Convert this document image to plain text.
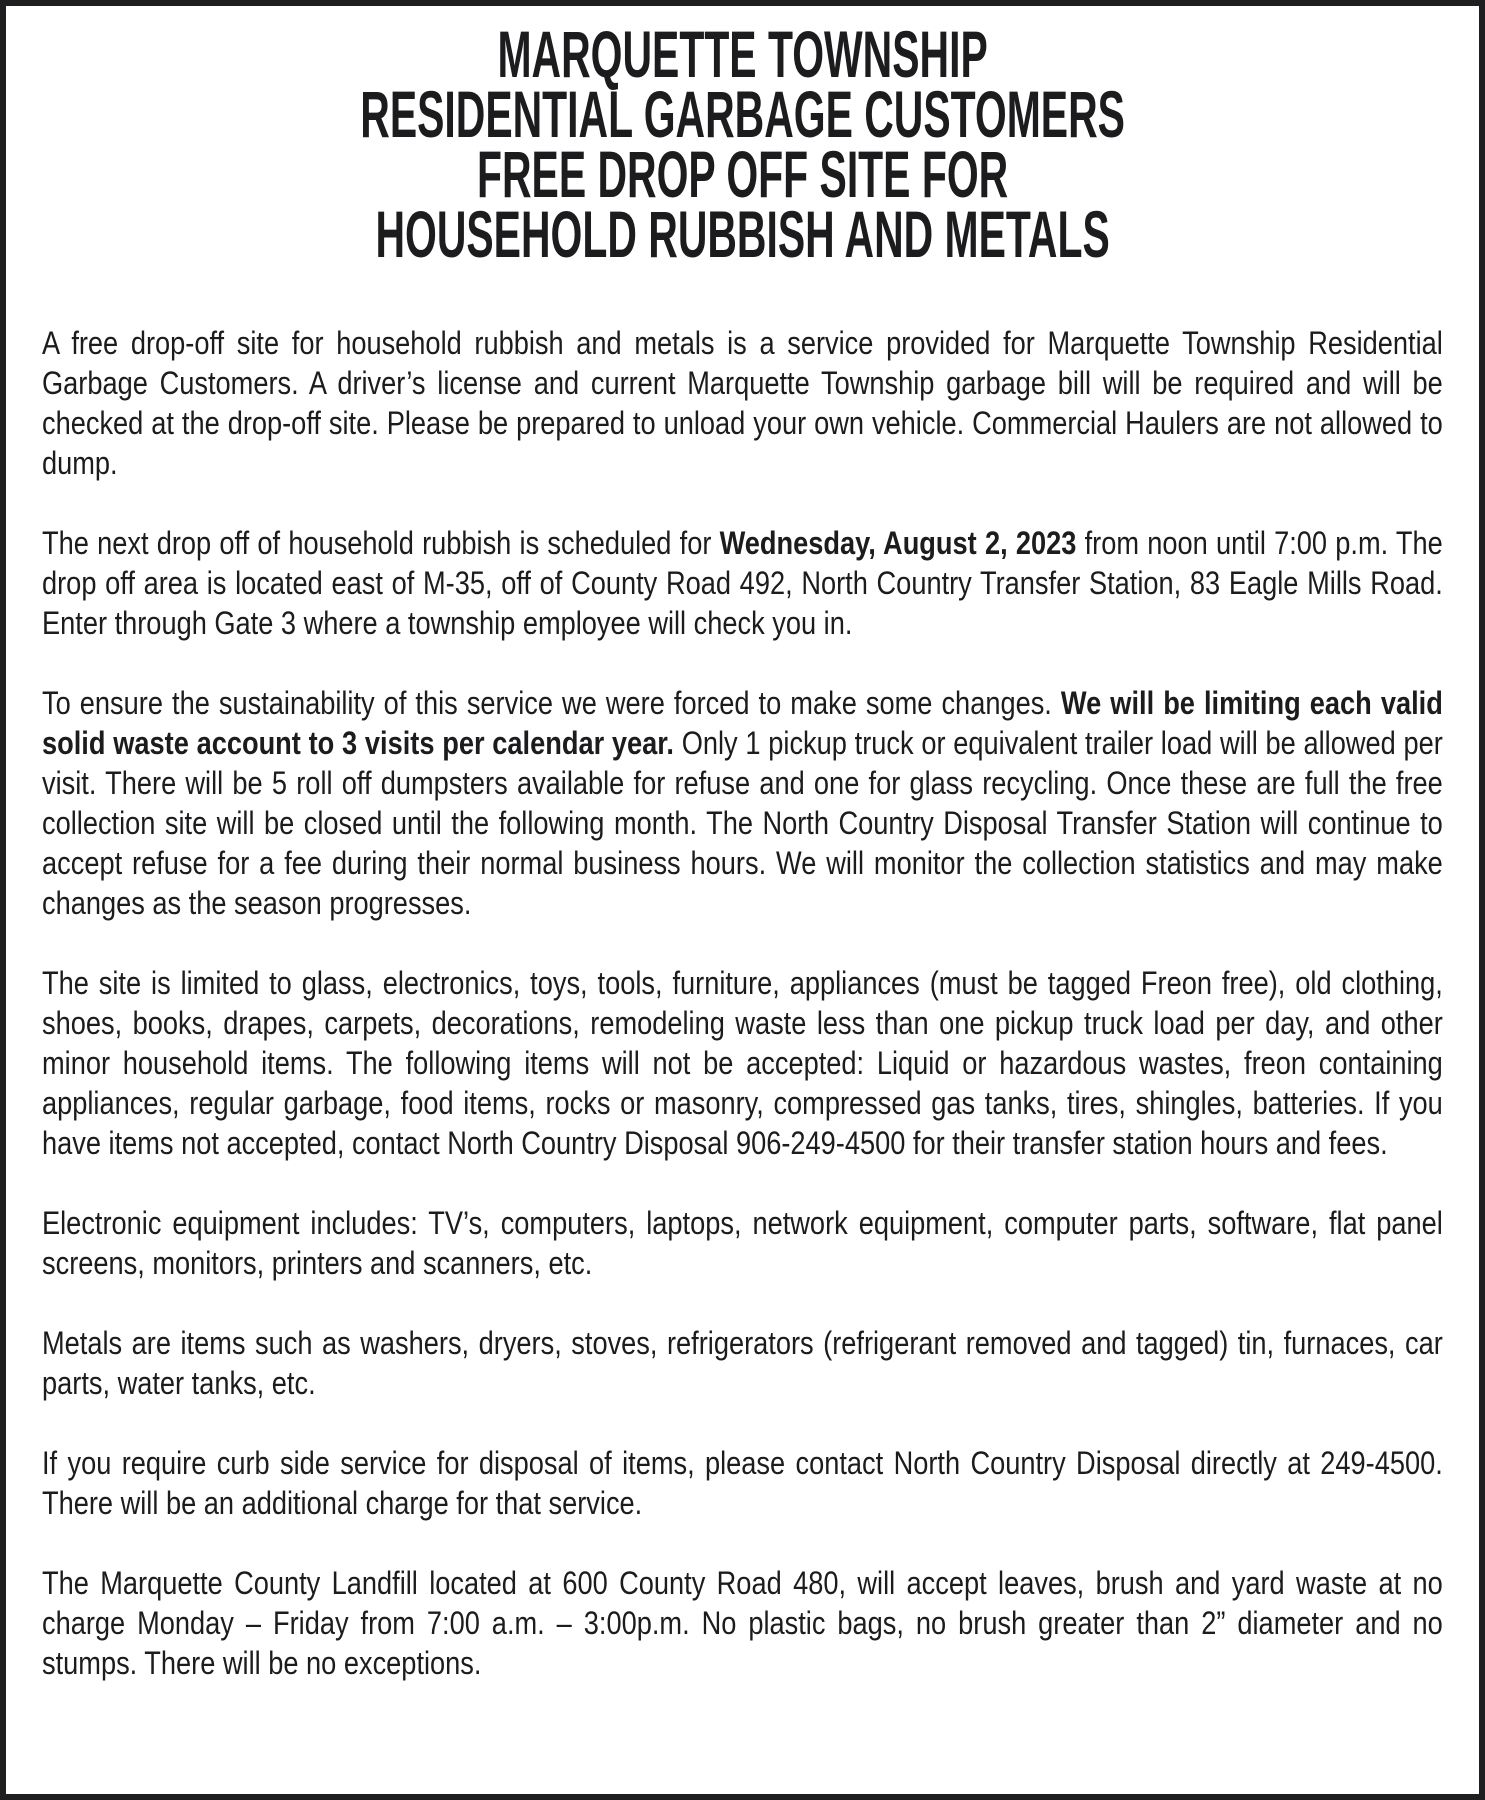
MARQUETTE TOWNSHIP
RESIDENTIAL GARBAGE CUSTOMERS
FREE DROP OFF SITE FOR
HOUSEHOLD RUBBISH AND METALS

A free drop-off site for household rubbish and metals is a service provided for Marquette Township Residential Garbage Customers. A driver’s license and current Marquette Township garbage bill will be required and will be checked at the drop-off site. Please be prepared to unload your own vehicle. Commercial Haulers are not allowed to dump.

The next drop off of household rubbish is scheduled for Wednesday, August 2, 2023 from noon until 7:00 p.m. The drop off area is located east of M-35, off of County Road 492, North Country Transfer Station, 83 Eagle Mills Road. Enter through Gate 3 where a township employee will check you in.

To ensure the sustainability of this service we were forced to make some changes. We will be limiting each valid solid waste account to 3 visits per calendar year. Only 1 pickup truck or equivalent trailer load will be allowed per visit. There will be 5 roll off dumpsters available for refuse and one for glass recycling. Once these are full the free collection site will be closed until the following month. The North Country Disposal Transfer Station will continue to accept refuse for a fee during their normal business hours. We will monitor the collection statistics and may make changes as the season progresses.

The site is limited to glass, electronics, toys, tools, furniture, appliances (must be tagged Freon free), old clothing, shoes, books, drapes, carpets, decorations, remodeling waste less than one pickup truck load per day, and other minor household items. The following items will not be accepted: Liquid or hazardous wastes, freon containing appliances, regular garbage, food items, rocks or masonry, compressed gas tanks, tires, shingles, batteries. If you have items not accepted, contact North Country Disposal 906-249-4500 for their transfer station hours and fees.

Electronic equipment includes: TV’s, computers, laptops, network equipment, computer parts, software, flat panel screens, monitors, printers and scanners, etc.

Metals are items such as washers, dryers, stoves, refrigerators (refrigerant removed and tagged) tin, furnaces, car parts, water tanks, etc.

If you require curb side service for disposal of items, please contact North Country Disposal directly at 249-4500. There will be an additional charge for that service.

The Marquette County Landfill located at 600 County Road 480, will accept leaves, brush and yard waste at no charge Monday – Friday from 7:00 a.m. – 3:00p.m. No plastic bags, no brush greater than 2” diameter and no stumps. There will be no exceptions.
